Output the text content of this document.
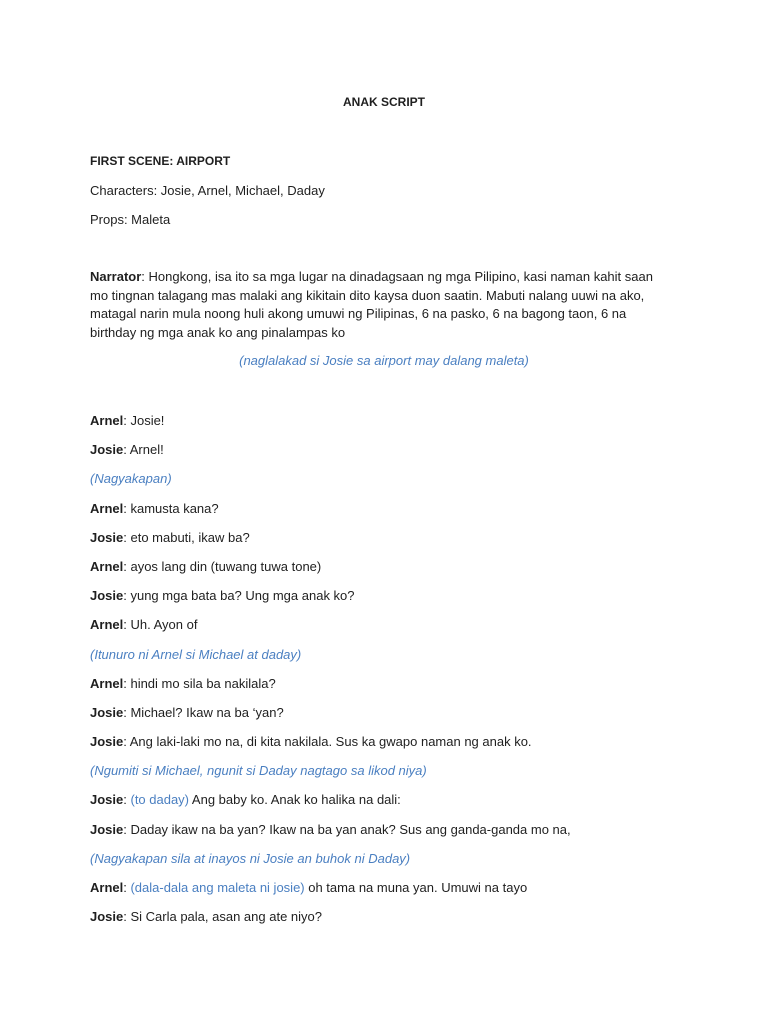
ANAK SCRIPT
FIRST SCENE: AIRPORT
Characters: Josie, Arnel, Michael, Daday
Props: Maleta
Narrator: Hongkong, isa ito sa mga lugar na dinadagsaan ng mga Pilipino, kasi naman kahit saan mo tingnan talagang mas malaki ang kikitain dito kaysa duon saatin. Mabuti nalang uuwi na ako, matagal narin mula noong huli akong umuwi ng Pilipinas, 6 na pasko, 6 na bagong taon, 6 na birthday ng mga anak ko ang pinalampas ko
(naglalakad si Josie sa airport may dalang maleta)
Arnel: Josie!
Josie: Arnel!
(Nagyakapan)
Arnel: kamusta kana?
Josie: eto mabuti, ikaw ba?
Arnel: ayos lang din (tuwang tuwa tone)
Josie: yung mga bata ba? Ung mga anak ko?
Arnel: Uh. Ayon of
(Itunuro ni Arnel si Michael at daday)
Arnel: hindi mo sila ba nakilala?
Josie: Michael? Ikaw na ba ‘yan?
Josie: Ang laki-laki mo na, di kita nakilala. Sus ka gwapo naman ng anak ko.
(Ngumiti si Michael, ngunit si Daday nagtago sa likod niya)
Josie: (to daday) Ang baby ko. Anak ko halika na dali:
Josie: Daday ikaw na ba yan? Ikaw na ba yan anak? Sus ang ganda-ganda mo na,
(Nagyakapan sila at inayos ni Josie an buhok ni Daday)
Arnel: (dala-dala ang maleta ni josie) oh tama na muna yan. Umuwi na tayo
Josie: Si Carla pala, asan ang ate niyo?
